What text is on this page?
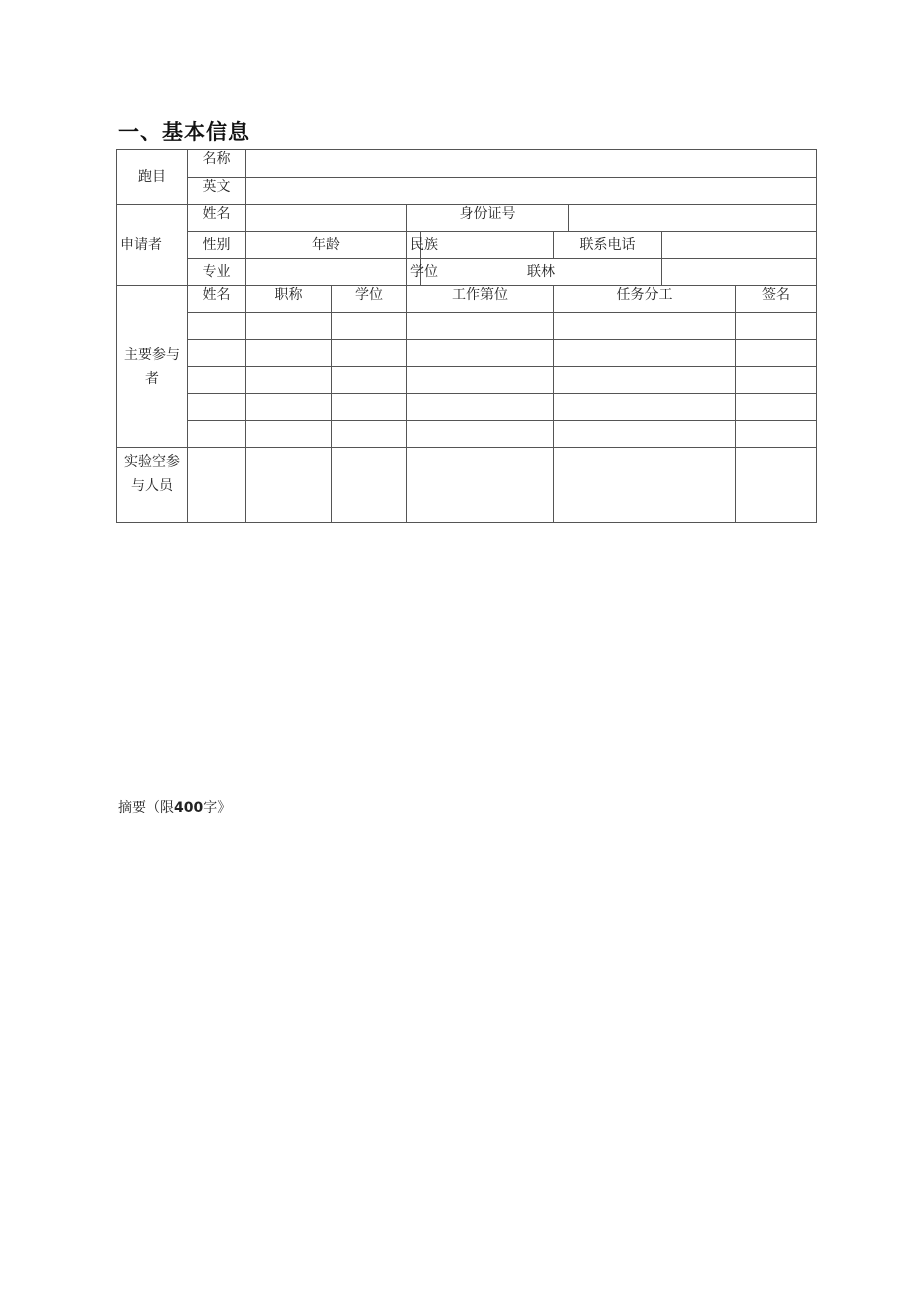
一、基本信息
跑目	名称								
	英文								
申请者	姓名			身份证号					
	性别	年龄		民族		联系电话			
	专业			学位	联林				
主要参与者	姓名	职称	学位	工作第位		任务分工			签名

实验空参与人员									

摘要（限400字》
